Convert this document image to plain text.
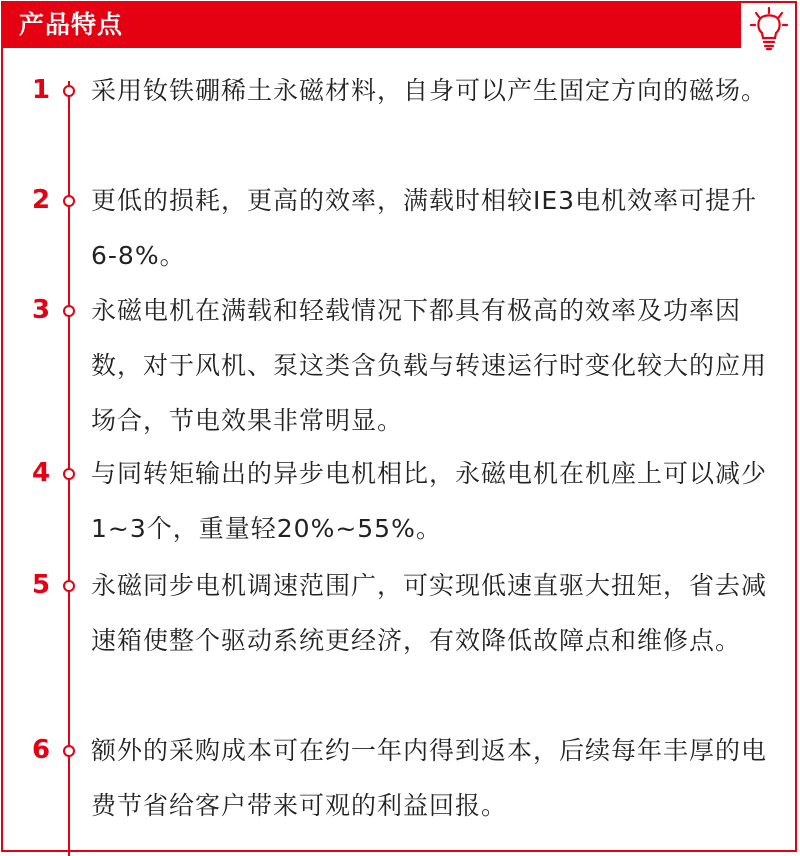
产品特点
1 采用钕铁硼稀土永磁材料，自身可以产生固定方向的磁场。
2 更低的损耗，更高的效率，满载时相较IE3电机效率可提升6-8%。
3 永磁电机在满载和轻载情况下都具有极高的效率及功率因数，对于风机、泵这类含负载与转速运行时变化较大的应用场合，节电效果非常明显。
4 与同转矩输出的异步电机相比，永磁电机在机座上可以减少1~3个，重量轻20%~55%。
5 永磁同步电机调速范围广，可实现低速直驱大扭矩，省去减速箱使整个驱动系统更经济，有效降低故障点和维修点。
6 额外的采购成本可在约一年内得到返本，后续每年丰厚的电费节省给客户带来可观的利益回报。
